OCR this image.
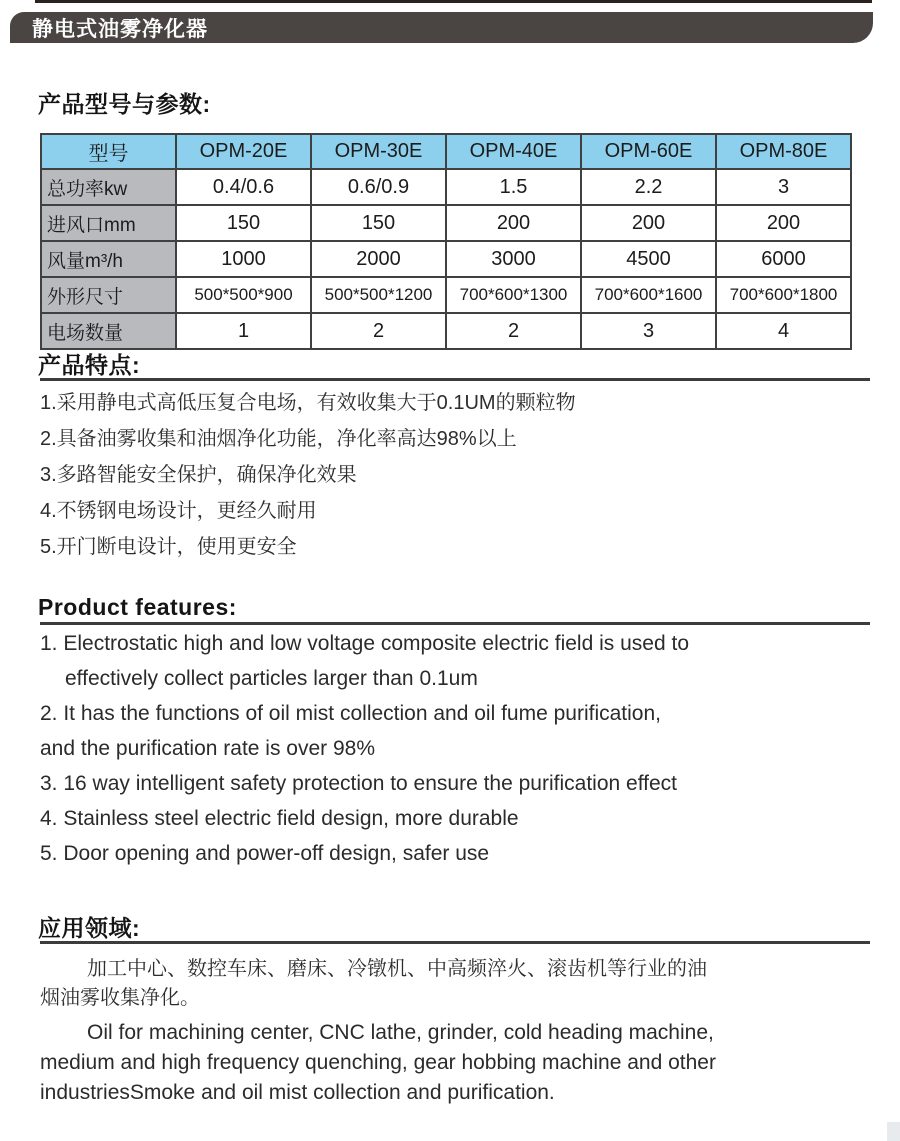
静电式油雾净化器
产品型号与参数:
型号	OPM-20E	OPM-30E	OPM-40E	OPM-60E	OPM-80E
总功率kw	0.4/0.6	0.6/0.9	1.5	2.2	3
进风口mm	150	150	200	200	200
风量m³/h	1000	2000	3000	4500	6000
外形尺寸	500*500*900	500*500*1200	700*600*1300	700*600*1600	700*600*1800
电场数量	1	2	2	3	4
产品特点:
1.采用静电式高低压复合电场，有效收集大于0.1UM的颗粒物
2.具备油雾收集和油烟净化功能，净化率高达98%以上
3.多路智能安全保护，确保净化效果
4.不锈钢电场设计，更经久耐用
5.开门断电设计，使用更安全
Product features:
1. Electrostatic high and low voltage composite electric field is used to
effectively collect particles larger than 0.1um
2. It has the functions of oil mist collection and oil fume purification,
and the purification rate is over 98%
3. 16 way intelligent safety protection to ensure the purification effect
4. Stainless steel electric field design, more durable
5. Door opening and power-off design, safer use
应用领域:
加工中心、数控车床、磨床、冷镦机、中高频淬火、滚齿机等行业的油
烟油雾收集净化。
Oil for machining center, CNC lathe, grinder, cold heading machine,
medium and high frequency quenching, gear hobbing machine and other
industriesSmoke and oil mist collection and purification.
